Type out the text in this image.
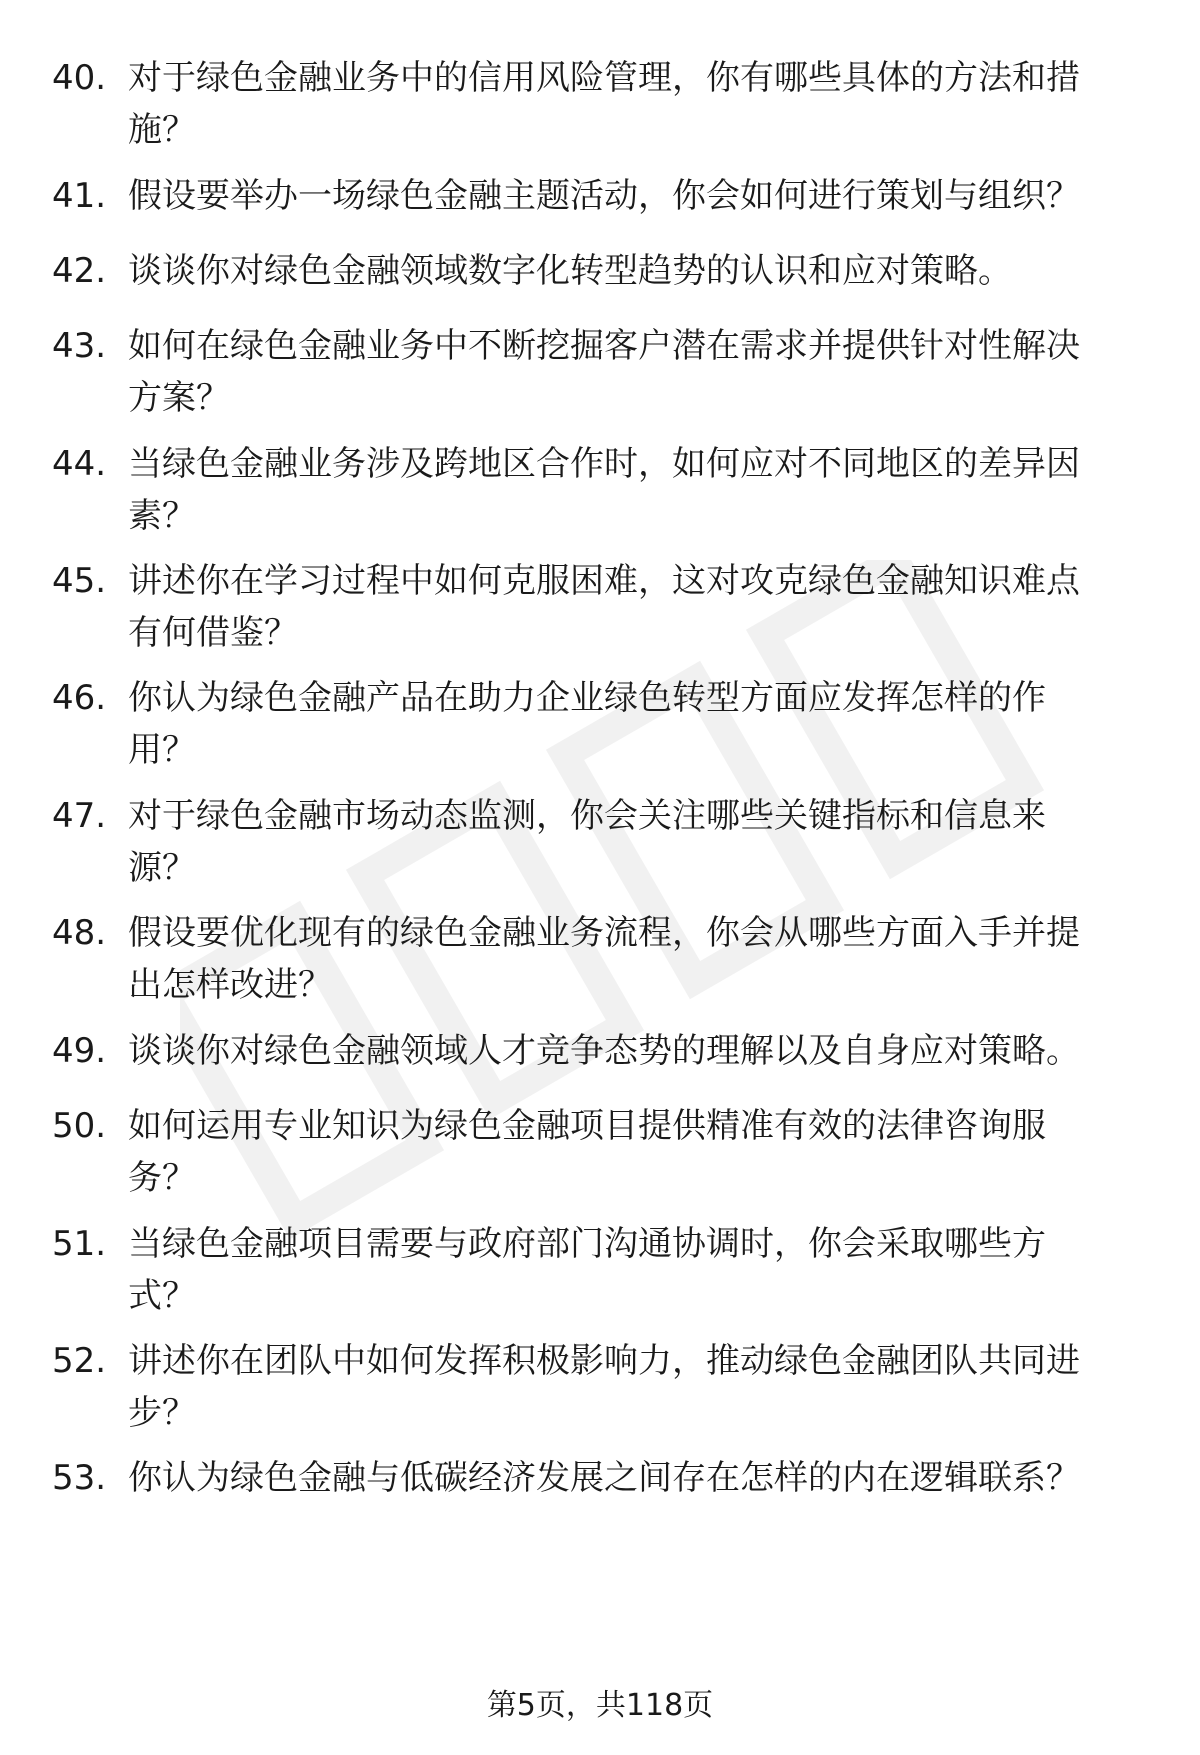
40. 对于绿色金融业务中的信用风险管理，你有哪些具体的方法和措
施？
41. 假设要举办一场绿色金融主题活动，你会如何进行策划与组织？
42. 谈谈你对绿色金融领域数字化转型趋势的认识和应对策略。
43. 如何在绿色金融业务中不断挖掘客户潜在需求并提供针对性解决
方案？
44. 当绿色金融业务涉及跨地区合作时，如何应对不同地区的差异因
素？
45. 讲述你在学习过程中如何克服困难，这对攻克绿色金融知识难点
有何借鉴？
46. 你认为绿色金融产品在助力企业绿色转型方面应发挥怎样的作
用？
47. 对于绿色金融市场动态监测，你会关注哪些关键指标和信息来
源？
48. 假设要优化现有的绿色金融业务流程，你会从哪些方面入手并提
出怎样改进？
49. 谈谈你对绿色金融领域人才竞争态势的理解以及自身应对策略。
50. 如何运用专业知识为绿色金融项目提供精准有效的法律咨询服
务？
51. 当绿色金融项目需要与政府部门沟通协调时，你会采取哪些方
式？
52. 讲述你在团队中如何发挥积极影响力，推动绿色金融团队共同进
步？
53. 你认为绿色金融与低碳经济发展之间存在怎样的内在逻辑联系？
第5页，共118页
